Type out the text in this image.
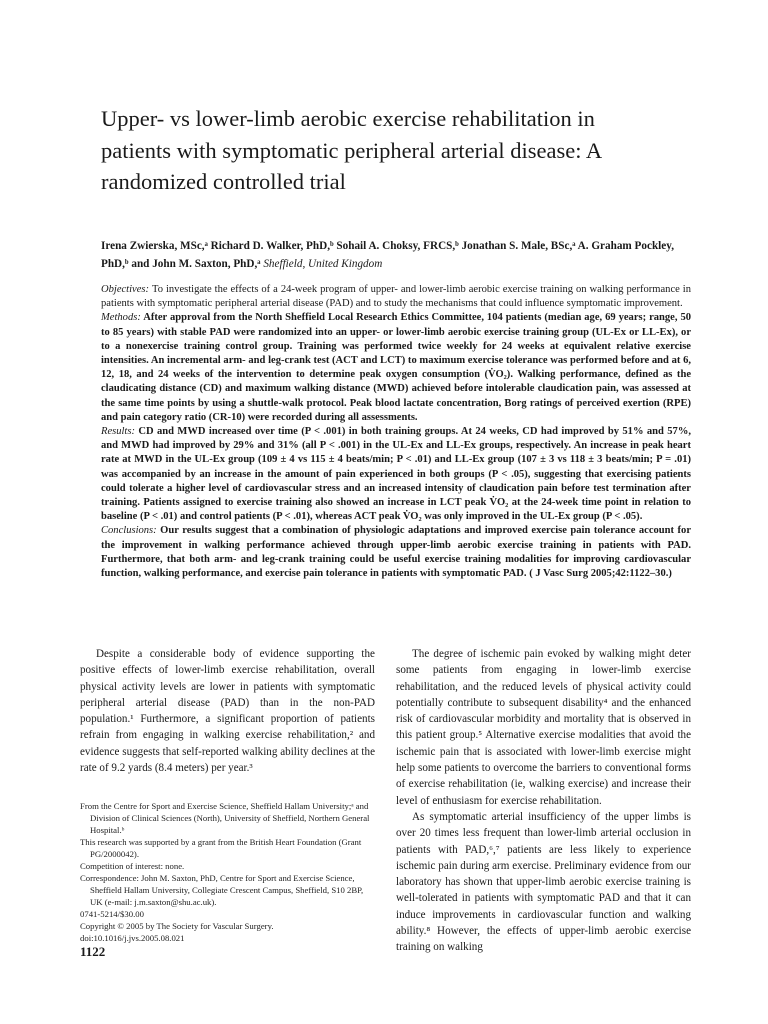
Upper- vs lower-limb aerobic exercise rehabilitation in patients with symptomatic peripheral arterial disease: A randomized controlled trial

Irena Zwierska, MSc,ᵃ Richard D. Walker, PhD,ᵇ Sohail A. Choksy, FRCS,ᵇ Jonathan S. Male, BSc,ᵃ A. Graham Pockley, PhD,ᵇ and John M. Saxton, PhD,ᵃ Sheffield, United Kingdom

Objectives: To investigate the effects of a 24-week program of upper- and lower-limb aerobic exercise training on walking performance in patients with symptomatic peripheral arterial disease (PAD) and to study the mechanisms that could influence symptomatic improvement.

Methods: After approval from the North Sheffield Local Research Ethics Committee, 104 patients (median age, 69 years; range, 50 to 85 years) with stable PAD were randomized into an upper- or lower-limb aerobic exercise training group (UL-Ex or LL-Ex), or to a nonexercise training control group. Training was performed twice weekly for 24 weeks at equivalent relative exercise intensities. An incremental arm- and leg-crank test (ACT and LCT) to maximum exercise tolerance was performed before and at 6, 12, 18, and 24 weeks of the intervention to determine peak oxygen consumption (V̇O₂). Walking performance, defined as the claudicating distance (CD) and maximum walking distance (MWD) achieved before intolerable claudication pain, was assessed at the same time points by using a shuttle-walk protocol. Peak blood lactate concentration, Borg ratings of perceived exertion (RPE) and pain category ratio (CR-10) were recorded during all assessments.

Results: CD and MWD increased over time (P < .001) in both training groups. At 24 weeks, CD had improved by 51% and 57%, and MWD had improved by 29% and 31% (all P < .001) in the UL-Ex and LL-Ex groups, respectively. An increase in peak heart rate at MWD in the UL-Ex group (109 ± 4 vs 115 ± 4 beats/min; P < .01) and LL-Ex group (107 ± 3 vs 118 ± 3 beats/min; P = .01) was accompanied by an increase in the amount of pain experienced in both groups (P < .05), suggesting that exercising patients could tolerate a higher level of cardiovascular stress and an increased intensity of claudication pain before test termination after training. Patients assigned to exercise training also showed an increase in LCT peak V̇O₂ at the 24-week time point in relation to baseline (P < .01) and control patients (P < .01), whereas ACT peak V̇O₂ was only improved in the UL-Ex group (P < .05).

Conclusions: Our results suggest that a combination of physiologic adaptations and improved exercise pain tolerance account for the improvement in walking performance achieved through upper-limb aerobic exercise training in patients with PAD. Furthermore, that both arm- and leg-crank training could be useful exercise training modalities for improving cardiovascular function, walking performance, and exercise pain tolerance in patients with symptomatic PAD. ( J Vasc Surg 2005;42:1122–30.)

Despite a considerable body of evidence supporting the positive effects of lower-limb exercise rehabilitation, overall physical activity levels are lower in patients with symptomatic peripheral arterial disease (PAD) than in the non-PAD population.¹ Furthermore, a significant proportion of patients refrain from engaging in walking exercise rehabilitation,² and evidence suggests that self-reported walking ability declines at the rate of 9.2 yards (8.4 meters) per year.³

From the Centre for Sport and Exercise Science, Sheffield Hallam University;ᵃ and Division of Clinical Sciences (North), University of Sheffield, Northern General Hospital.ᵇ

This research was supported by a grant from the British Heart Foundation (Grant PG/2000042).

Competition of interest: none.

Correspondence: John M. Saxton, PhD, Centre for Sport and Exercise Science, Sheffield Hallam University, Collegiate Crescent Campus, Sheffield, S10 2BP, UK (e-mail: j.m.saxton@shu.ac.uk).

0741-5214/$30.00

Copyright © 2005 by The Society for Vascular Surgery.

doi:10.1016/j.jvs.2005.08.021

The degree of ischemic pain evoked by walking might deter some patients from engaging in lower-limb exercise rehabilitation, and the reduced levels of physical activity could potentially contribute to subsequent disability⁴ and the enhanced risk of cardiovascular morbidity and mortality that is observed in this patient group.⁵ Alternative exercise modalities that avoid the ischemic pain that is associated with lower-limb exercise might help some patients to overcome the barriers to conventional forms of exercise rehabilitation (ie, walking exercise) and increase their level of enthusiasm for exercise rehabilitation.

As symptomatic arterial insufficiency of the upper limbs is over 20 times less frequent than lower-limb arterial occlusion in patients with PAD,⁶,⁷ patients are less likely to experience ischemic pain during arm exercise. Preliminary evidence from our laboratory has shown that upper-limb aerobic exercise training is well-tolerated in patients with symptomatic PAD and that it can induce improvements in cardiovascular function and walking ability.⁸ However, the effects of upper-limb aerobic exercise training on walking

1122
